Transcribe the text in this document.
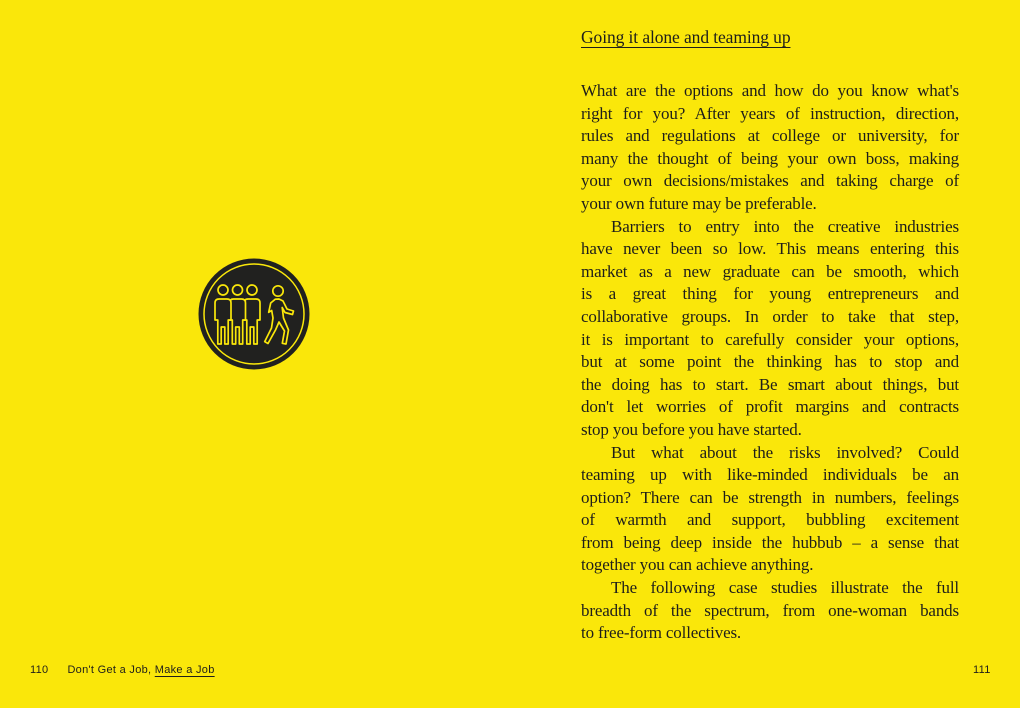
110 Don't Get a Job, Make a Job
Going it alone and teaming up

What are the options and how do you know what's
right for you? After years of instruction, direction,
rules and regulations at college or university, for
many the thought of being your own boss, making
your own decisions/mistakes and taking charge of
your own future may be preferable.

Barriers to entry into the creative industries
have never been so low. This means entering this
market as a new graduate can be smooth, which
is a great thing for young entrepreneurs and
collaborative groups. In order to take that step,
it is important to carefully consider your options,
but at some point the thinking has to stop and
the doing has to start. Be smart about things, but
don't let worries of profit margins and contracts
stop you before you have started.

But what about the risks involved? Could
teaming up with like-minded individuals be an
option? There can be strength in numbers, feelings
of warmth and support, bubbling excitement
from being deep inside the hubbub – a sense that
together you can achieve anything.

The following case studies illustrate the full
breadth of the spectrum, from one-woman bands
to free-form collectives.

111
